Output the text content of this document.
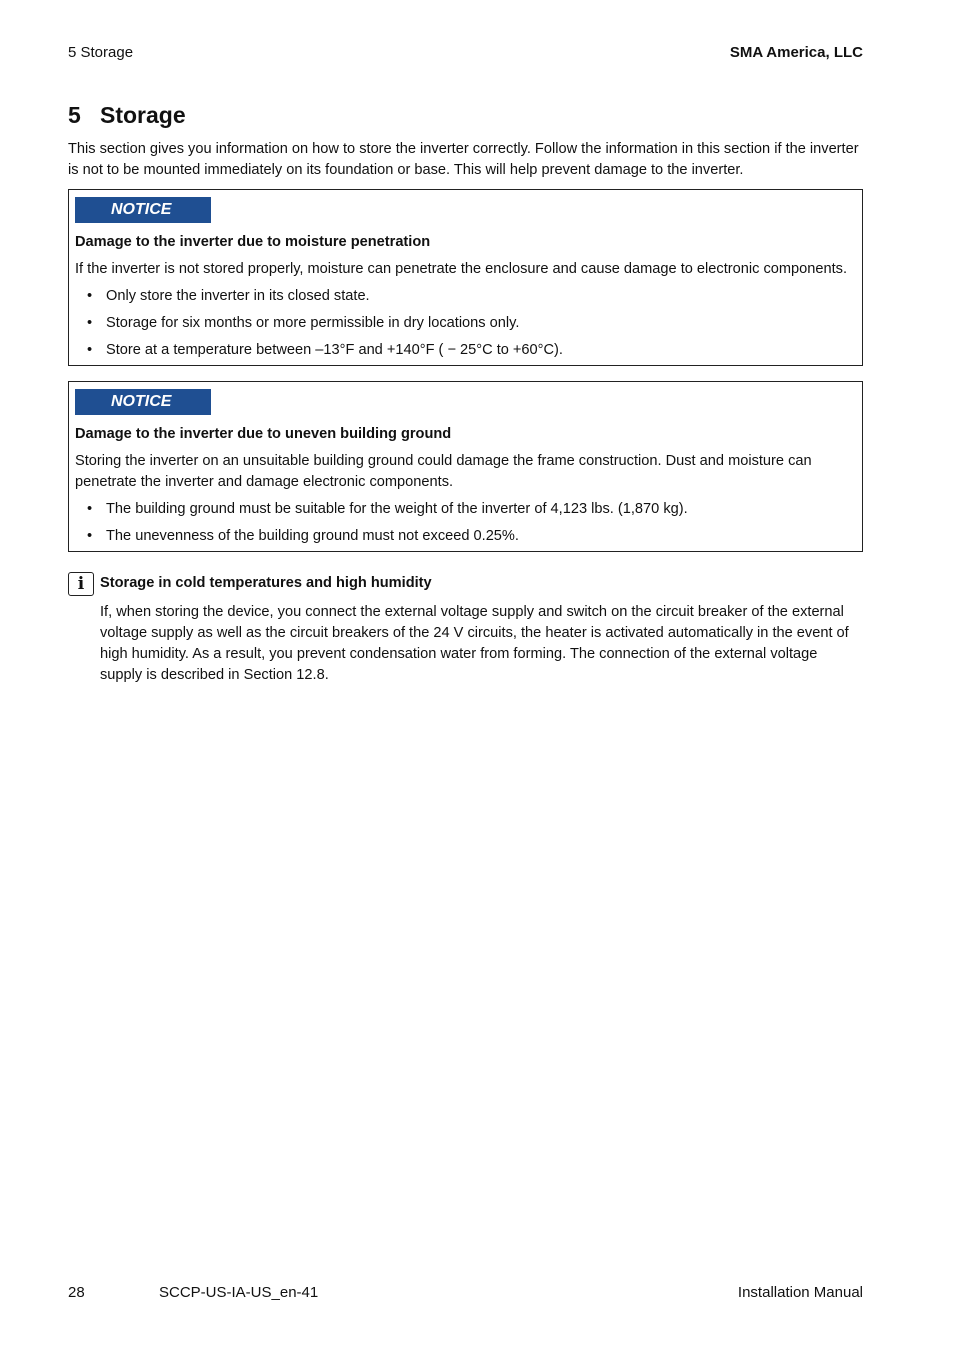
5 Storage	SMA America, LLC
5 Storage

This section gives you information on how to store the inverter correctly. Follow the information in this section if the inverter is not to be mounted immediately on its foundation or base. This will help prevent damage to the inverter.

NOTICE
Damage to the inverter due to moisture penetration
If the inverter is not stored properly, moisture can penetrate the enclosure and cause damage to electronic components.
• Only store the inverter in its closed state.
• Storage for six months or more permissible in dry locations only.
• Store at a temperature between –13°F and +140°F ( − 25°C to +60°C).
NOTICE
Damage to the inverter due to uneven building ground
Storing the inverter on an unsuitable building ground could damage the frame construction. Dust and moisture can penetrate the inverter and damage electronic components.
• The building ground must be suitable for the weight of the inverter of 4,123 lbs. (1,870 kg).
• The unevenness of the building ground must not exceed 0.25%.
i	Storage in cold temperatures and high humidity

If, when storing the device, you connect the external voltage supply and switch on the circuit breaker of the external voltage supply as well as the circuit breakers of the 24 V circuits, the heater is activated automatically in the event of high humidity. As a result, you prevent condensation water from forming. The connection of the external voltage supply is described in Section 12.8.

28	SCCP-US-IA-US_en-41	Installation Manual
